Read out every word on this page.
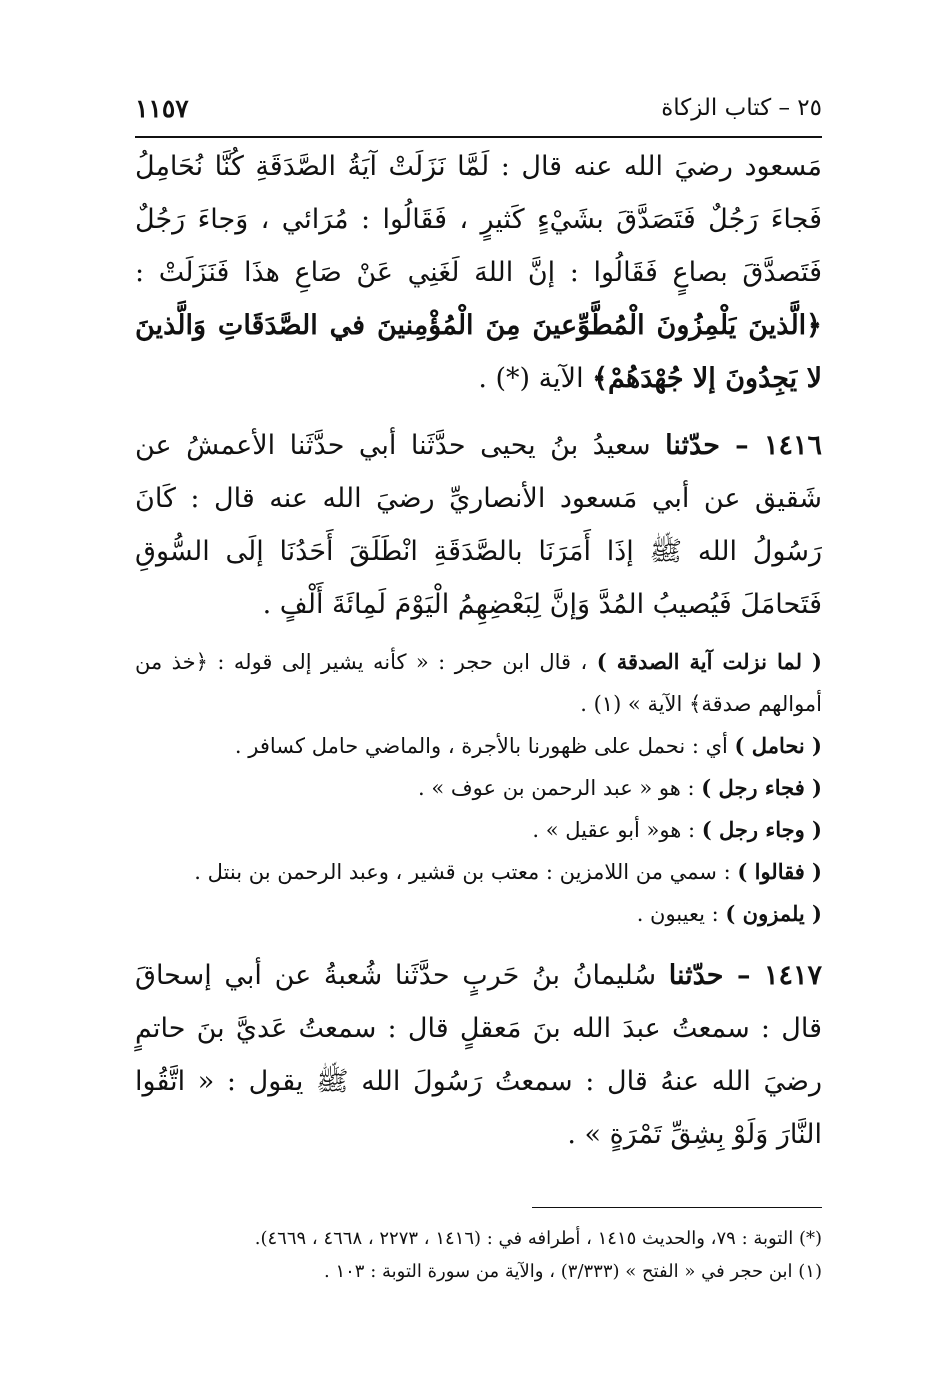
٢٥ – كتاب الزكاة
١١٥٧

مَسعود رضيَ الله عنه قال : لَمَّا نَزَلَتْ آيَةُ الصَّدَقَةِ كُنَّا نُحَامِلُ فَجاءَ رَجُلٌ فَتَصَدَّقَ بشَيْءٍ كَثيرٍ ، فَقَالُوا : مُرَائي ، وَجاءَ رَجُلٌ فَتَصدَّقَ بصاعٍ فَقَالُوا : إنَّ اللهَ لَغَنِي عَنْ صَاعِ هذَا فَنَزَلَتْ : ﴿الَّذينَ يَلْمِزُونَ الْمُطَّوِّعينَ مِنَ الْمُؤْمِنينَ في الصَّدَقَاتِ وَالَّذينَ لا يَجِدُونَ إلا جُهْدَهُمْ﴾ الآية (*) .

١٤١٦ – حدّثنا سعيدُ بنُ يحيى حدَّثَنا أبي حدَّثَنا الأعمشُ عن شَقيق عن أبي مَسعود الأنصاريِّ رضيَ الله عنه قال : كَانَ رَسُولُ الله ﷺ إذَا أَمَرَنَا بالصَّدَقَةِ انْطَلَقَ أَحَدُنَا إلَى السُّوقِ فَتَحامَلَ فَيُصيبُ المُدَّ وَإنَّ لِبَعْضِهِمُ الْيَوْمَ لَمِائَةَ أَلْفٍ .

( لما نزلت آية الصدقة ) ، قال ابن حجر : « كأنه يشير إلى قوله : ﴿خذ من أموالهم صدقة﴾ الآية » (١) .

( نحامل ) أي : نحمل على ظهورنا بالأجرة ، والماضي حامل كسافر .

( فجاء رجل ) : هو « عبد الرحمن بن عوف » .

( وجاء رجل ) : هو« أبو عقيل » .

( فقالوا ) : سمي من اللامزين : معتب بن قشير ، وعبد الرحمن بن بنتل .

( يلمزون ) : يعيبون .

١٤١٧ – حدّثنا سُليمانُ بنُ حَربٍ حدَّثَنا شُعبةُ عن أبي إسحاقَ قال : سمعتُ عبدَ الله بنَ مَعقلٍ قال : سمعتُ عَديَّ بنَ حاتمٍ رضيَ الله عنهُ قال : سمعتُ رَسُولَ الله ﷺ يقول : « اتَّقُوا النَّارَ وَلَوْ بِشِقِّ تَمْرَةٍ » .

(*) التوبة : ٧٩، والحديث ١٤١٥ ، أطرافه في : (١٤١٦ ، ٢٢٧٣ ، ٤٦٦٨ ، ٤٦٦٩).

(١) ابن حجر في « الفتح » (٣/٣٣٣) ، والآية من سورة التوبة : ١٠٣ .
